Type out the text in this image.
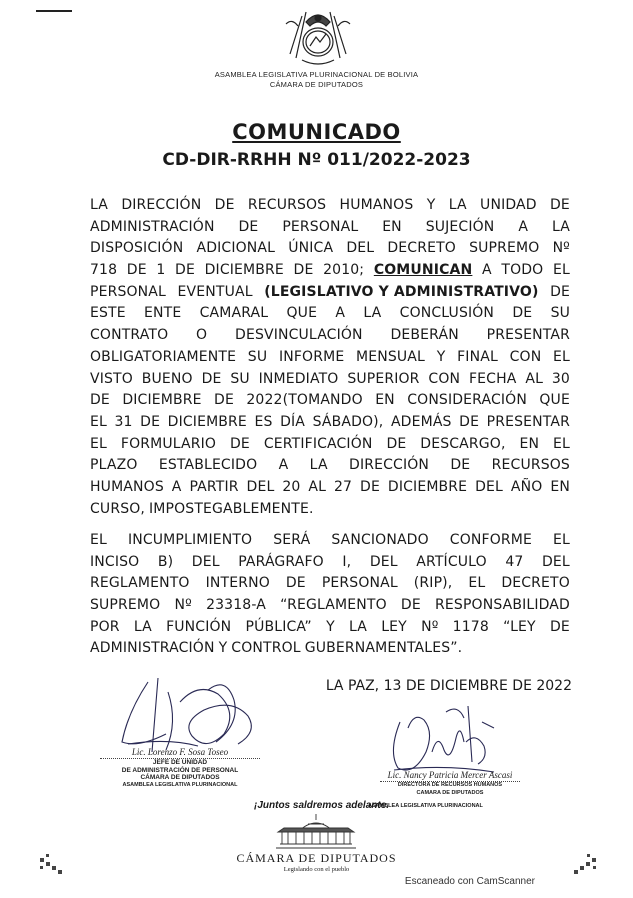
ASAMBLEA LEGISLATIVA PLURINACIONAL DE BOLIVIA
CÁMARA DE DIPUTADOS
COMUNICADO
CD-DIR-RRHH Nº 011/2022-2023
LA DIRECCIÓN DE RECURSOS HUMANOS Y LA UNIDAD DE
ADMINISTRACIÓN DE PERSONAL EN SUJECIÓN A LA
DISPOSICIÓN ADICIONAL ÚNICA DEL DECRETO SUPREMO Nº
718 DE 1 DE DICIEMBRE DE 2010; COMUNICAN A TODO EL
PERSONAL EVENTUAL (LEGISLATIVO Y ADMINISTRATIVO) DE
ESTE ENTE CAMARAL QUE A LA CONCLUSIÓN DE SU
CONTRATO O DESVINCULACIÓN DEBERÁN PRESENTAR
OBLIGATORIAMENTE SU INFORME MENSUAL Y FINAL CON EL
VISTO BUENO DE SU INMEDIATO SUPERIOR CON FECHA AL 30
DE DICIEMBRE DE 2022(TOMANDO EN CONSIDERACIÓN QUE
EL 31 DE DICIEMBRE ES DÍA SÁBADO), ADEMÁS DE PRESENTAR
EL FORMULARIO DE CERTIFICACIÓN DE DESCARGO, EN EL
PLAZO ESTABLECIDO A LA DIRECCIÓN DE RECURSOS
HUMANOS A PARTIR DEL 20 AL 27 DE DICIEMBRE DEL AÑO EN
CURSO, IMPOSTEGABLEMENTE.
EL INCUMPLIMIENTO SERÁ SANCIONADO CONFORME EL
INCISO B) DEL PARÁGRAFO I, DEL ARTÍCULO 47 DEL
REGLAMENTO INTERNO DE PERSONAL (RIP), EL DECRETO
SUPREMO Nº 23318-A “REGLAMENTO DE RESPONSABILIDAD
POR LA FUNCIÓN PÚBLICA” Y LA LEY Nº 1178 “LEY DE
ADMINISTRACIÓN Y CONTROL GUBERNAMENTALES”.
LA PAZ, 13 DE DICIEMBRE DE 2022
Lic. Lorenzo F. Sosa Toseo
JEFE DE UNIDAD
DE ADMINISTRACIÓN DE PERSONAL
CÁMARA DE DIPUTADOS
ASAMBLEA LEGISLATIVA PLURINACIONAL
Lic. Nancy Patricia Mercer Ascasi
DIRECTORA DE RECURSOS HUMANOS
CAMARA DE DIPUTADOS
¡Juntos saldremos adelante.
ASAMBLEA LEGISLATIVA PLURINACIONAL
CÁMARA DE DIPUTADOS
Legislando con el pueblo
Escaneado con CamScanner
